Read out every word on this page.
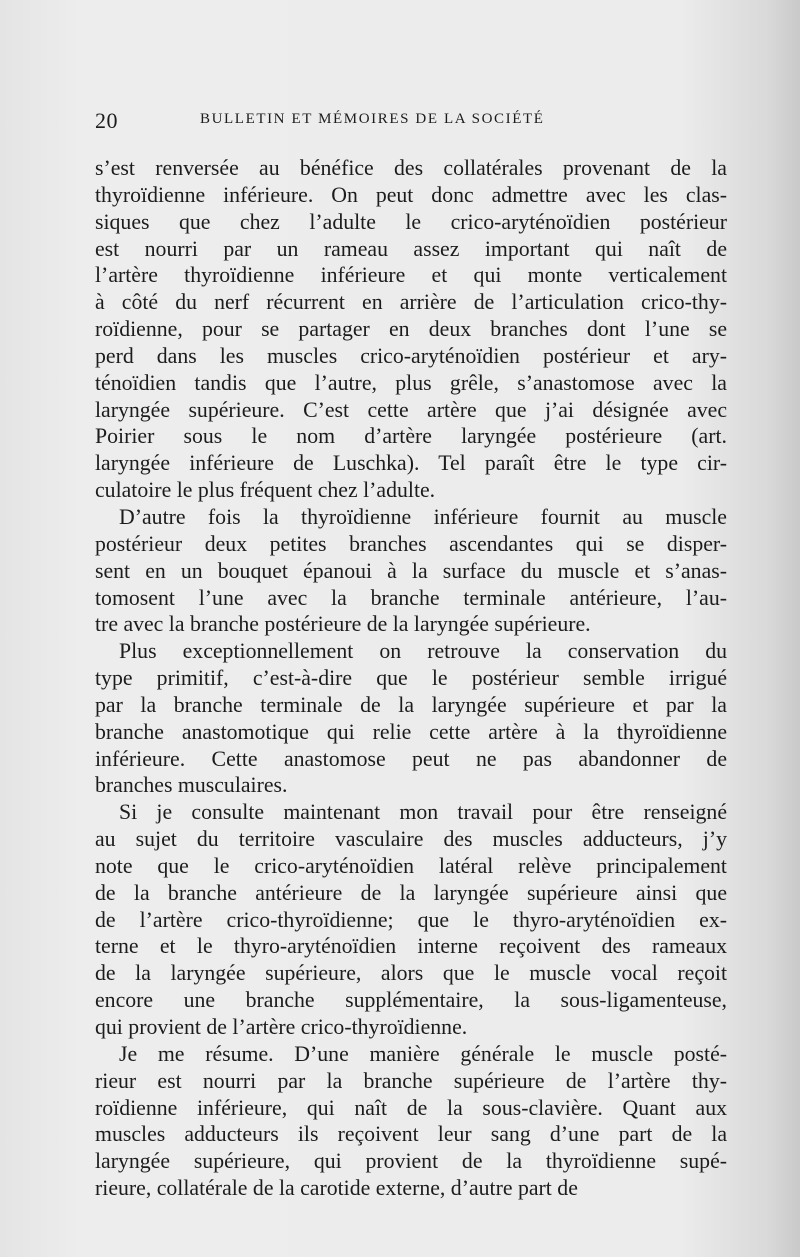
20	BULLETIN ET MÉMOIRES DE LA SOCIÉTÉ

s’est renversée au bénéfice des collatérales provenant de la
thyroïdienne inférieure. On peut donc admettre avec les clas-
siques que chez l’adulte le crico-aryténoïdien postérieur
est nourri par un rameau assez important qui naît de
l’artère thyroïdienne inférieure et qui monte verticalement
à côté du nerf récurrent en arrière de l’articulation crico-thy-
roïdienne, pour se partager en deux branches dont l’une se
perd dans les muscles crico-aryténoïdien postérieur et ary-
ténoïdien tandis que l’autre, plus grêle, s’anastomose avec la
laryngée supérieure. C’est cette artère que j’ai désignée avec
Poirier sous le nom d’artère laryngée postérieure (art.
laryngée inférieure de Luschka). Tel paraît être le type cir-
culatoire le plus fréquent chez l’adulte.

D’autre fois la thyroïdienne inférieure fournit au muscle
postérieur deux petites branches ascendantes qui se disper-
sent en un bouquet épanoui à la surface du muscle et s’anas-
tomosent l’une avec la branche terminale antérieure, l’au-
tre avec la branche postérieure de la laryngée supérieure.

Plus exceptionnellement on retrouve la conservation du
type primitif, c’est-à-dire que le postérieur semble irrigué
par la branche terminale de la laryngée supérieure et par la
branche anastomotique qui relie cette artère à la thyroïdienne
inférieure. Cette anastomose peut ne pas abandonner de
branches musculaires.

Si je consulte maintenant mon travail pour être renseigné
au sujet du territoire vasculaire des muscles adducteurs, j’y
note que le crico-aryténoïdien latéral relève principalement
de la branche antérieure de la laryngée supérieure ainsi que
de l’artère crico-thyroïdienne; que le thyro-aryténoïdien ex-
terne et le thyro-aryténoïdien interne reçoivent des rameaux
de la laryngée supérieure, alors que le muscle vocal reçoit
encore une branche supplémentaire, la sous-ligamenteuse,
qui provient de l’artère crico-thyroïdienne.

Je me résume. D’une manière générale le muscle posté-
rieur est nourri par la branche supérieure de l’artère thy-
roïdienne inférieure, qui naît de la sous-clavière. Quant aux
muscles adducteurs ils reçoivent leur sang d’une part de la
laryngée supérieure, qui provient de la thyroïdienne supé-
rieure, collatérale de la carotide externe, d’autre part de
